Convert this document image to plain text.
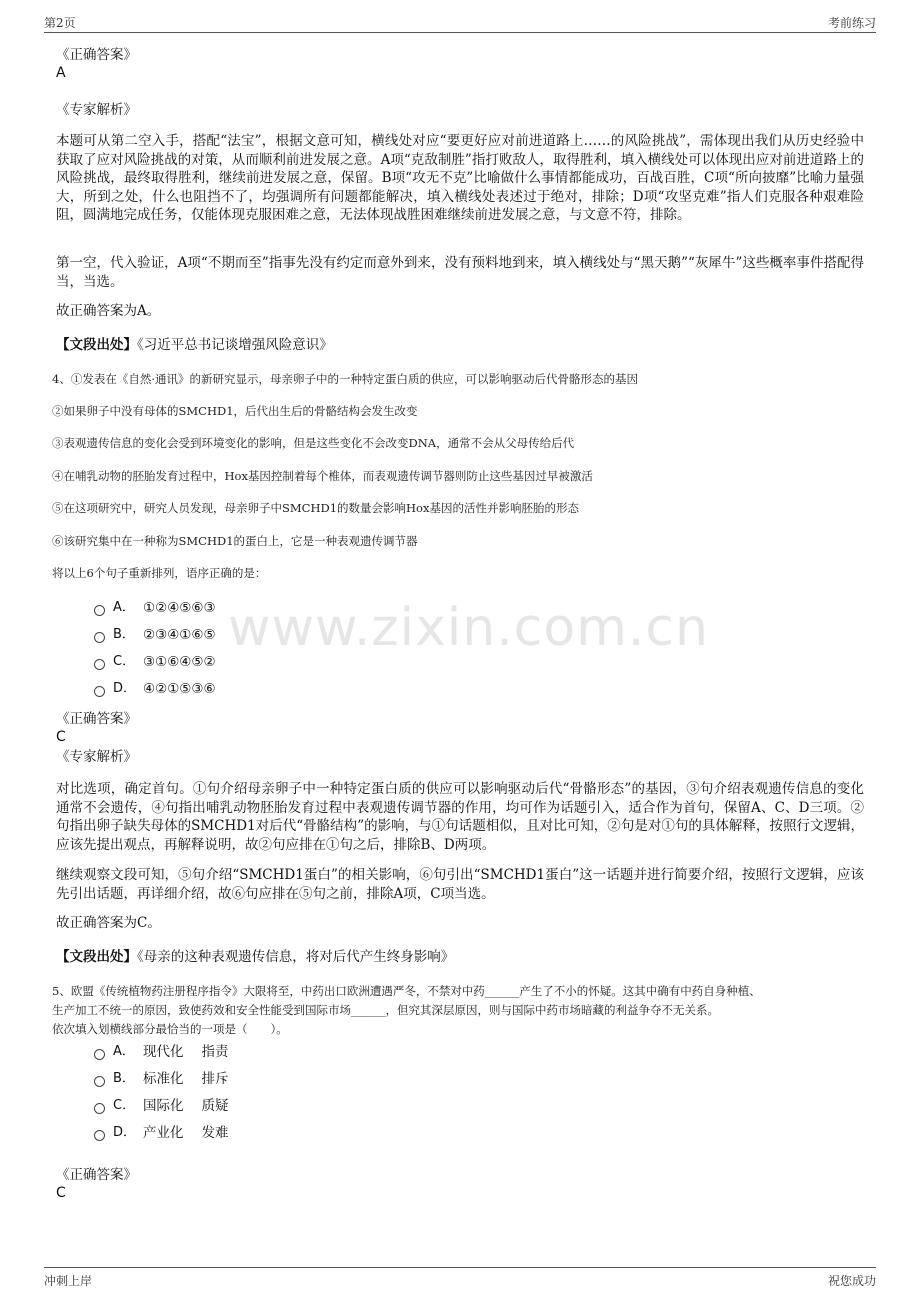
第2页	考前练习
www.zixin.com.cn
《正确答案》
A
《专家解析》
本题可从第二空入手，搭配“法宝”，根据文意可知，横线处对应“要更好应对前进道路上……的风险挑战”，需体现出我们从历史经验中获取了应对风险挑战的对策，从而顺利前进发展之意。A项“克敌制胜”指打败敌人，取得胜利，填入横线处可以体现出应对前进道路上的风险挑战，最终取得胜利，继续前进发展之意，保留。B项“攻无不克”比喻做什么事情都能成功，百战百胜，C项“所向披靡”比喻力量强大，所到之处，什么也阻挡不了，均强调所有问题都能解决，填入横线处表述过于绝对，排除；D项“攻坚克难”指人们克服各种艰难险阻，圆满地完成任务，仅能体现克服困难之意，无法体现战胜困难继续前进发展之意，与文意不符，排除。
第一空，代入验证，A项“不期而至”指事先没有约定而意外到来，没有预料地到来，填入横线处与“黑天鹅”“灰犀牛”这些概率事件搭配得当，当选。
故正确答案为A。
【文段出处】《习近平总书记谈增强风险意识》
4、①发表在《自然·通讯》的新研究显示，母亲卵子中的一种特定蛋白质的供应，可以影响驱动后代骨骼形态的基因
②如果卵子中没有母体的SMCHD1，后代出生后的骨骼结构会发生改变
③表观遗传信息的变化会受到环境变化的影响，但是这些变化不会改变DNA，通常不会从父母传给后代
④在哺乳动物的胚胎发育过程中，Hox基因控制着每个椎体，而表观遗传调节器则防止这些基因过早被激活
⑤在这项研究中，研究人员发现，母亲卵子中SMCHD1的数量会影响Hox基因的活性并影响胚胎的形态
⑥该研究集中在一种称为SMCHD1的蛋白上，它是一种表观遗传调节器
将以上6个句子重新排列，语序正确的是：
A． ①②④⑤⑥③
B． ②③④①⑥⑤
C． ③①⑥④⑤②
D． ④②①⑤③⑥
《正确答案》
C
《专家解析》
对比选项，确定首句。①句介绍母亲卵子中一种特定蛋白质的供应可以影响驱动后代“骨骼形态”的基因，③句介绍表观遗传信息的变化通常不会遗传，④句指出哺乳动物胚胎发育过程中表观遗传调节器的作用，均可作为话题引入，适合作为首句，保留A、C、D三项。②句指出卵子缺失母体的SMCHD1对后代“骨骼结构”的影响，与①句话题相似，且对比可知，②句是对①句的具体解释，按照行文逻辑，应该先提出观点，再解释说明，故②句应排在①句之后，排除B、D两项。
继续观察文段可知，⑤句介绍“SMCHD1蛋白”的相关影响，⑥句引出“SMCHD1蛋白”这一话题并进行简要介绍，按照行文逻辑，应该先引出话题，再详细介绍，故⑥句应排在⑤句之前，排除A项，C项当选。
故正确答案为C。
【文段出处】《母亲的这种表观遗传信息，将对后代产生终身影响》
5、欧盟《传统植物药注册程序指令》大限将至，中药出口欧洲遭遇严冬，不禁对中药______产生了不小的怀疑。这其中确有中药自身种植、
生产加工不统一的原因，致使药效和安全性能受到国际市场______，但究其深层原因，则与国际中药市场暗藏的利益争夺不无关系。
依次填入划横线部分最恰当的一项是（　　）。
A． 现代化 指责
B． 标准化 排斥
C． 国际化 质疑
D． 产业化 发难
《正确答案》
C
冲刺上岸	祝您成功
